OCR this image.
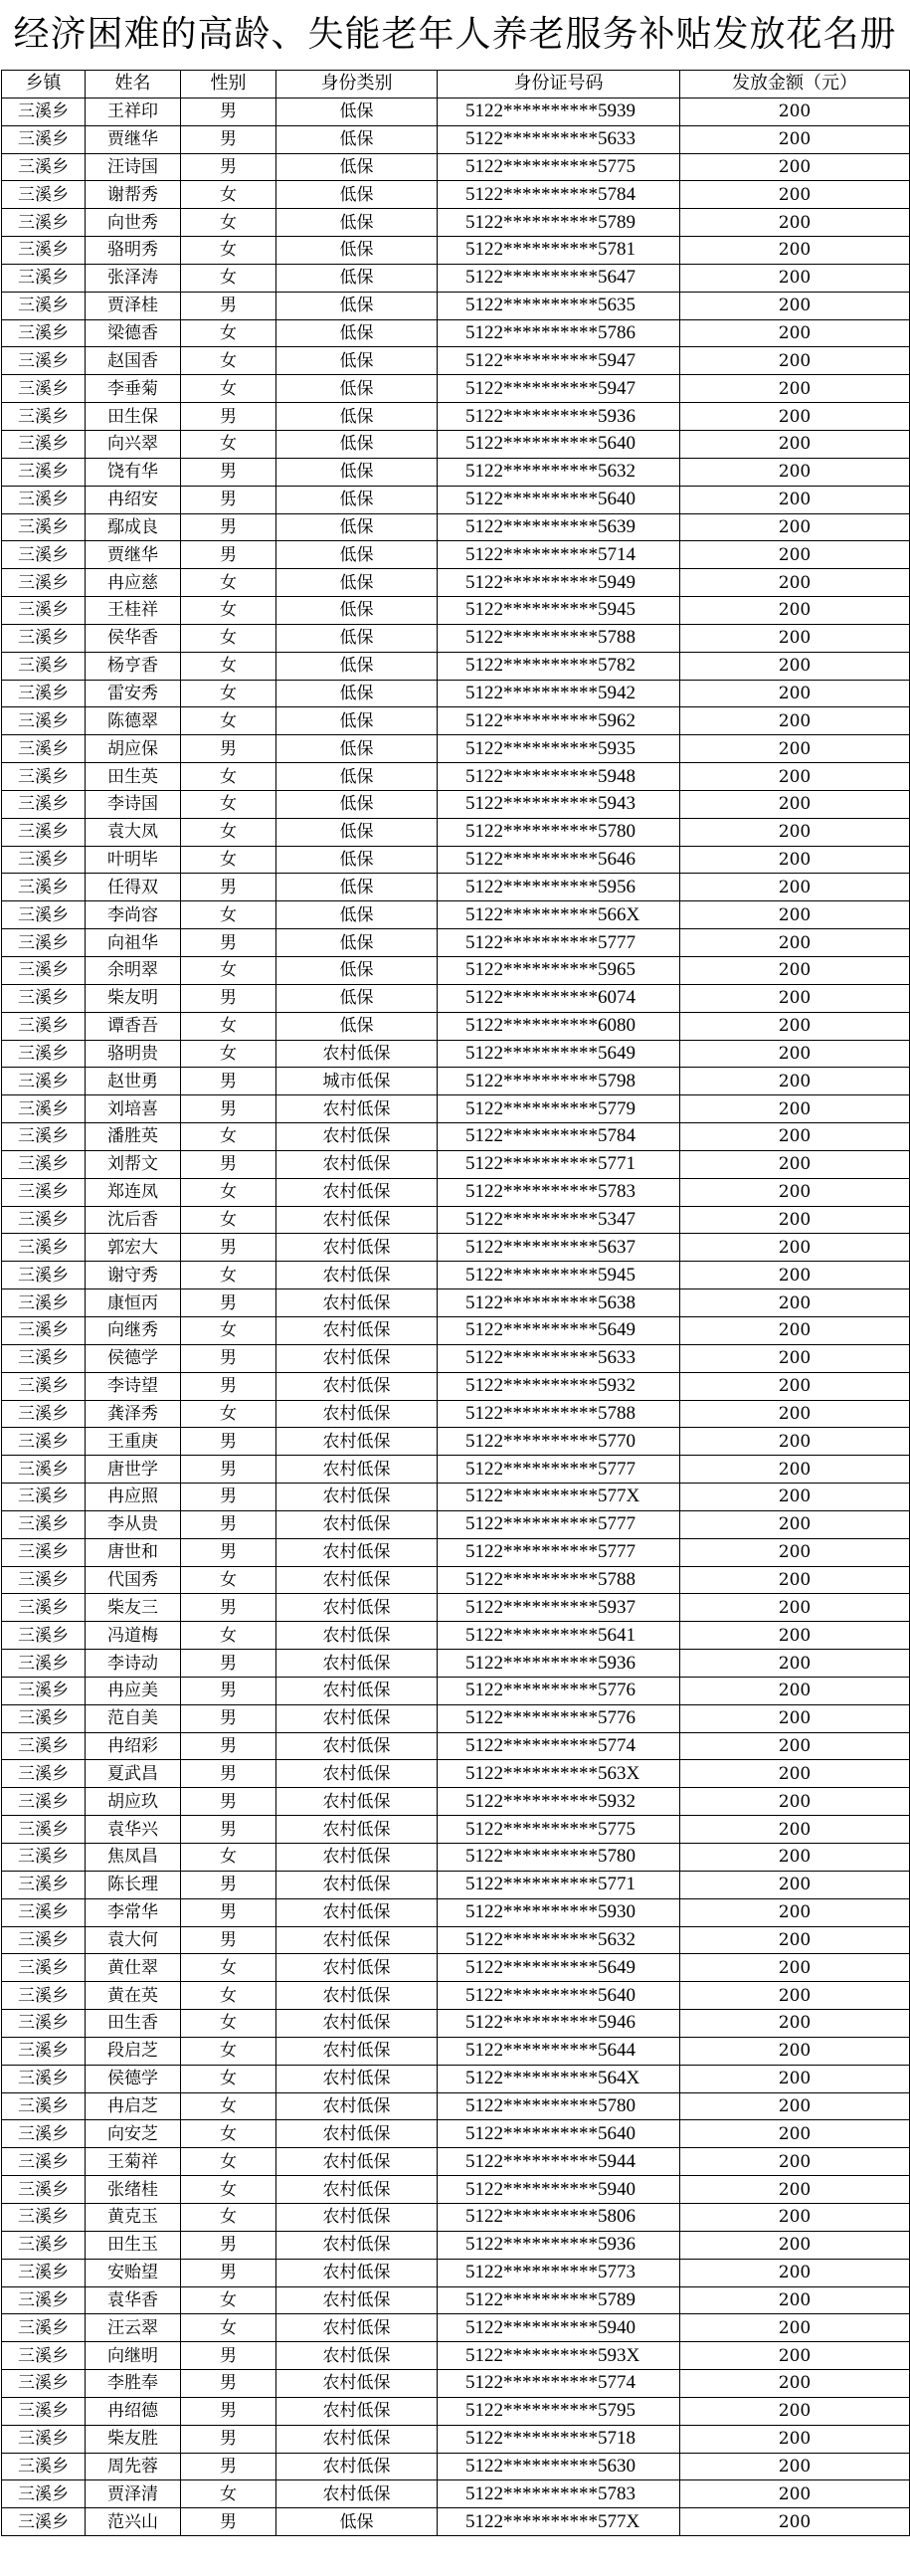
经济困难的高龄、失能老年人养老服务补贴发放花名册
乡镇	姓名	性别	身份类别	身份证号码	发放金额（元）
三溪乡	王祥印	男	低保	5122**********5939	200
三溪乡	贾继华	男	低保	5122**********5633	200
三溪乡	汪诗国	男	低保	5122**********5775	200
三溪乡	谢帮秀	女	低保	5122**********5784	200
三溪乡	向世秀	女	低保	5122**********5789	200
三溪乡	骆明秀	女	低保	5122**********5781	200
三溪乡	张泽涛	女	低保	5122**********5647	200
三溪乡	贾泽桂	男	低保	5122**********5635	200
三溪乡	梁德香	女	低保	5122**********5786	200
三溪乡	赵国香	女	低保	5122**********5947	200
三溪乡	李垂菊	女	低保	5122**********5947	200
三溪乡	田生保	男	低保	5122**********5936	200
三溪乡	向兴翠	女	低保	5122**********5640	200
三溪乡	饶有华	男	低保	5122**********5632	200
三溪乡	冉绍安	男	低保	5122**********5640	200
三溪乡	鄢成良	男	低保	5122**********5639	200
三溪乡	贾继华	男	低保	5122**********5714	200
三溪乡	冉应慈	女	低保	5122**********5949	200
三溪乡	王桂祥	女	低保	5122**********5945	200
三溪乡	侯华香	女	低保	5122**********5788	200
三溪乡	杨亨香	女	低保	5122**********5782	200
三溪乡	雷安秀	女	低保	5122**********5942	200
三溪乡	陈德翠	女	低保	5122**********5962	200
三溪乡	胡应保	男	低保	5122**********5935	200
三溪乡	田生英	女	低保	5122**********5948	200
三溪乡	李诗国	女	低保	5122**********5943	200
三溪乡	袁大凤	女	低保	5122**********5780	200
三溪乡	叶明毕	女	低保	5122**********5646	200
三溪乡	任得双	男	低保	5122**********5956	200
三溪乡	李尚容	女	低保	5122**********566X	200
三溪乡	向祖华	男	低保	5122**********5777	200
三溪乡	余明翠	女	低保	5122**********5965	200
三溪乡	柴友明	男	低保	5122**********6074	200
三溪乡	谭香吾	女	低保	5122**********6080	200
三溪乡	骆明贵	女	农村低保	5122**********5649	200
三溪乡	赵世勇	男	城市低保	5122**********5798	200
三溪乡	刘培喜	男	农村低保	5122**********5779	200
三溪乡	潘胜英	女	农村低保	5122**********5784	200
三溪乡	刘帮文	男	农村低保	5122**********5771	200
三溪乡	郑连凤	女	农村低保	5122**********5783	200
三溪乡	沈后香	女	农村低保	5122**********5347	200
三溪乡	郭宏大	男	农村低保	5122**********5637	200
三溪乡	谢守秀	女	农村低保	5122**********5945	200
三溪乡	康恒丙	男	农村低保	5122**********5638	200
三溪乡	向继秀	女	农村低保	5122**********5649	200
三溪乡	侯德学	男	农村低保	5122**********5633	200
三溪乡	李诗望	男	农村低保	5122**********5932	200
三溪乡	龚泽秀	女	农村低保	5122**********5788	200
三溪乡	王重庚	男	农村低保	5122**********5770	200
三溪乡	唐世学	男	农村低保	5122**********5777	200
三溪乡	冉应照	男	农村低保	5122**********577X	200
三溪乡	李从贵	男	农村低保	5122**********5777	200
三溪乡	唐世和	男	农村低保	5122**********5777	200
三溪乡	代国秀	女	农村低保	5122**********5788	200
三溪乡	柴友三	男	农村低保	5122**********5937	200
三溪乡	冯道梅	女	农村低保	5122**********5641	200
三溪乡	李诗动	男	农村低保	5122**********5936	200
三溪乡	冉应美	男	农村低保	5122**********5776	200
三溪乡	范自美	男	农村低保	5122**********5776	200
三溪乡	冉绍彩	男	农村低保	5122**********5774	200
三溪乡	夏武昌	男	农村低保	5122**********563X	200
三溪乡	胡应玖	男	农村低保	5122**********5932	200
三溪乡	袁华兴	男	农村低保	5122**********5775	200
三溪乡	焦凤昌	女	农村低保	5122**********5780	200
三溪乡	陈长理	男	农村低保	5122**********5771	200
三溪乡	李常华	男	农村低保	5122**********5930	200
三溪乡	袁大何	男	农村低保	5122**********5632	200
三溪乡	黄仕翠	女	农村低保	5122**********5649	200
三溪乡	黄在英	女	农村低保	5122**********5640	200
三溪乡	田生香	女	农村低保	5122**********5946	200
三溪乡	段启芝	女	农村低保	5122**********5644	200
三溪乡	侯德学	女	农村低保	5122**********564X	200
三溪乡	冉启芝	女	农村低保	5122**********5780	200
三溪乡	向安芝	女	农村低保	5122**********5640	200
三溪乡	王菊祥	女	农村低保	5122**********5944	200
三溪乡	张绪桂	女	农村低保	5122**********5940	200
三溪乡	黄克玉	女	农村低保	5122**********5806	200
三溪乡	田生玉	男	农村低保	5122**********5936	200
三溪乡	安贻望	男	农村低保	5122**********5773	200
三溪乡	袁华香	女	农村低保	5122**********5789	200
三溪乡	汪云翠	女	农村低保	5122**********5940	200
三溪乡	向继明	男	农村低保	5122**********593X	200
三溪乡	李胜奉	男	农村低保	5122**********5774	200
三溪乡	冉绍德	男	农村低保	5122**********5795	200
三溪乡	柴友胜	男	农村低保	5122**********5718	200
三溪乡	周先蓉	男	农村低保	5122**********5630	200
三溪乡	贾泽清	女	农村低保	5122**********5783	200
三溪乡	范兴山	男	低保	5122**********577X	200
